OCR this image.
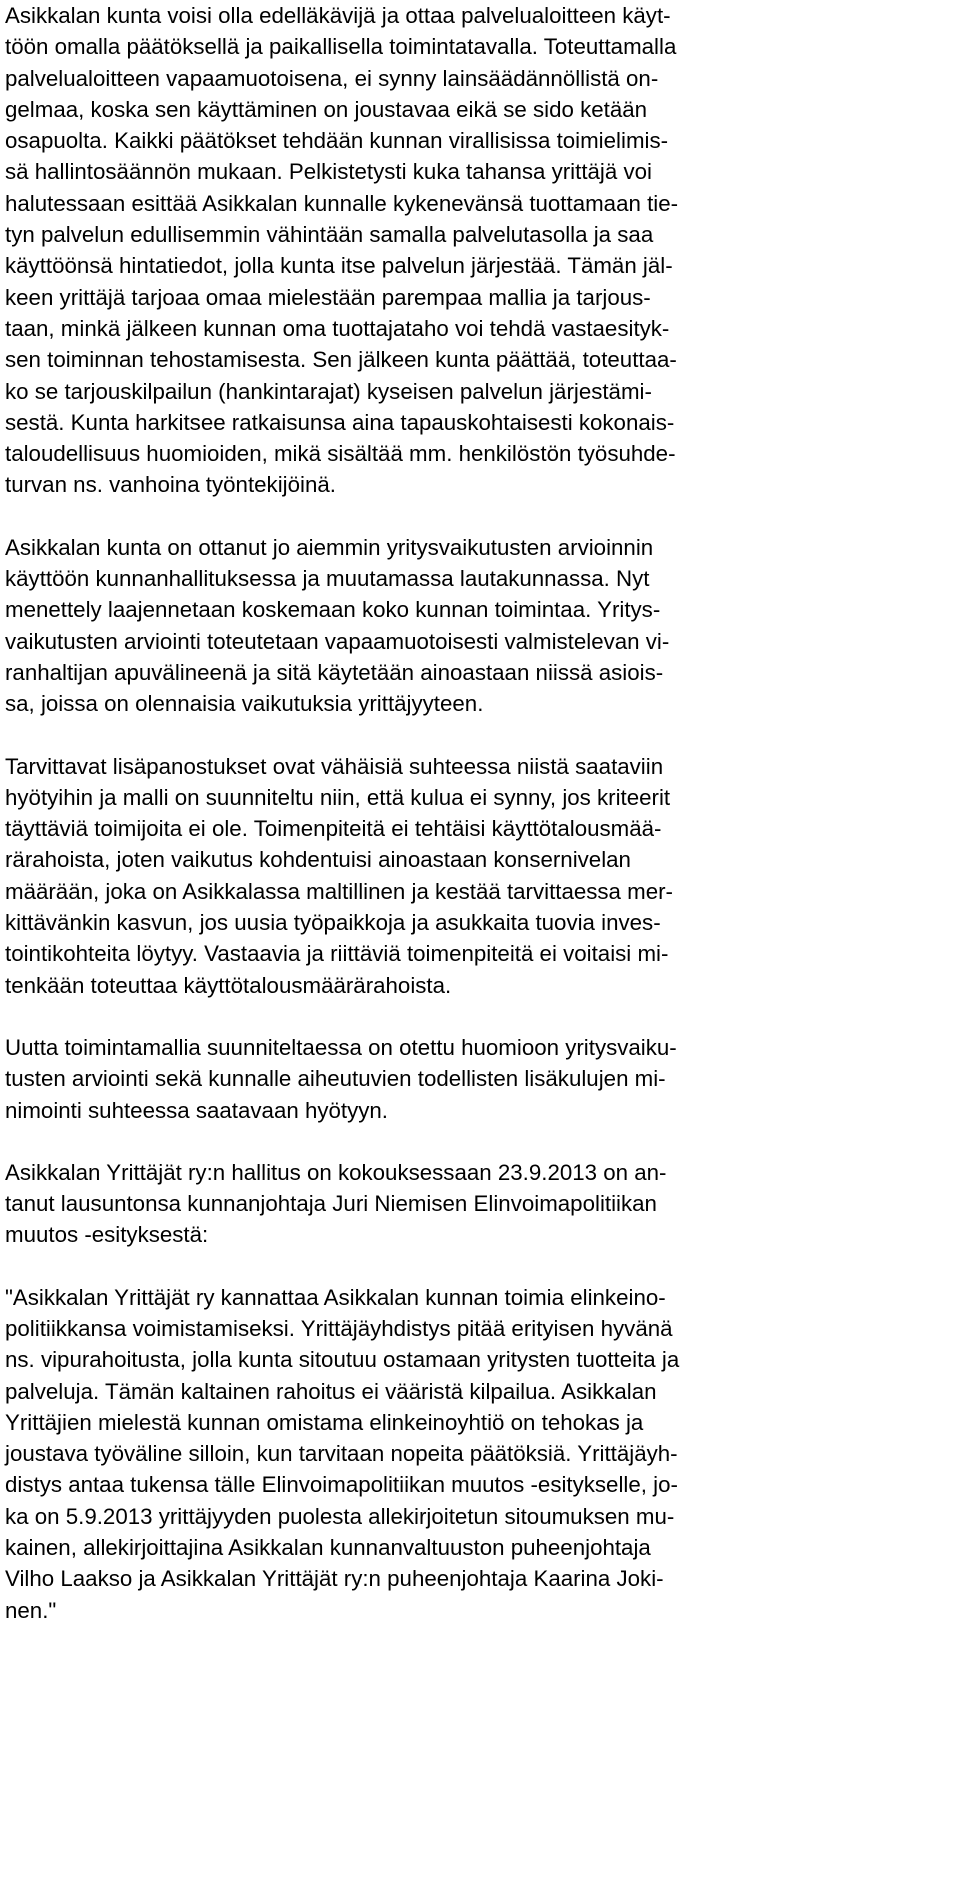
Asikkalan kunta voisi olla edelläkävijä ja ottaa palvelualoitteen käyt-
töön omalla päätöksellä ja paikallisella toimintatavalla. Toteuttamalla
palvelualoitteen vapaamuotoisena, ei synny lainsäädännöllistä on-
gelmaa, koska sen käyttäminen on joustavaa eikä se sido ketään
osapuolta. Kaikki päätökset tehdään kunnan virallisissa toimielimis-
sä hallintosäännön mukaan. Pelkistetysti kuka tahansa yrittäjä voi
halutessaan esittää Asikkalan kunnalle kykenevänsä tuottamaan tie-
tyn palvelun edullisemmin vähintään samalla palvelutasolla ja saa
käyttöönsä hintatiedot, jolla kunta itse palvelun järjestää. Tämän jäl-
keen yrittäjä tarjoaa omaa mielestään parempaa mallia ja tarjous-
taan, minkä jälkeen kunnan oma tuottajataho voi tehdä vastaesityk-
sen toiminnan tehostamisesta. Sen jälkeen kunta päättää, toteuttaa-
ko se tarjouskilpailun (hankintarajat) kyseisen palvelun järjestämi-
sestä. Kunta harkitsee ratkaisunsa aina tapauskohtaisesti kokonais-
taloudellisuus huomioiden, mikä sisältää mm. henkilöstön työsuhde-
turvan ns. vanhoina työntekijöinä.
Asikkalan kunta on ottanut jo aiemmin yritysvaikutusten arvioinnin
käyttöön kunnanhallituksessa ja muutamassa lautakunnassa. Nyt
menettely laajennetaan koskemaan koko kunnan toimintaa. Yritys-
vaikutusten arviointi toteutetaan vapaamuotoisesti valmistelevan vi-
ranhaltijan apuvälineenä ja sitä käytetään ainoastaan niissä asiois-
sa, joissa on olennaisia vaikutuksia yrittäjyyteen.
Tarvittavat lisäpanostukset ovat vähäisiä suhteessa niistä saataviin
hyötyihin ja malli on suunniteltu niin, että kulua ei synny, jos kriteerit
täyttäviä toimijoita ei ole. Toimenpiteitä ei tehtäisi käyttötalousmää-
rärahoista, joten vaikutus kohdentuisi ainoastaan konsernivelan
määrään, joka on Asikkalassa maltillinen ja kestää tarvittaessa mer-
kittävänkin kasvun, jos uusia työpaikkoja ja asukkaita tuovia inves-
tointikohteita löytyy. Vastaavia ja riittäviä toimenpiteitä ei voitaisi mi-
tenkään toteuttaa käyttötalousmäärärahoista.
Uutta toimintamallia suunniteltaessa on otettu huomioon yritysvaiku-
tusten arviointi sekä kunnalle aiheutuvien todellisten lisäkulujen mi-
nimointi suhteessa saatavaan hyötyyn.
Asikkalan Yrittäjät ry:n hallitus on kokouksessaan 23.9.2013 on an-
tanut lausuntonsa kunnanjohtaja Juri Niemisen Elinvoimapolitiikan
muutos -esityksestä:
"Asikkalan Yrittäjät ry kannattaa Asikkalan kunnan toimia elinkeino-
politiikkansa voimistamiseksi. Yrittäjäyhdistys pitää erityisen hyvänä
ns. vipurahoitusta, jolla kunta sitoutuu ostamaan yritysten tuotteita ja
palveluja. Tämän kaltainen rahoitus ei vääristä kilpailua. Asikkalan
Yrittäjien mielestä kunnan omistama elinkeinoyhtiö on tehokas ja
joustava työväline silloin, kun tarvitaan nopeita päätöksiä. Yrittäjäyh-
distys antaa tukensa tälle Elinvoimapolitiikan muutos -esitykselle, jo-
ka on 5.9.2013 yrittäjyyden puolesta allekirjoitetun sitoumuksen mu-
kainen, allekirjoittajina Asikkalan kunnanvaltuuston puheenjohtaja
Vilho Laakso ja Asikkalan Yrittäjät ry:n puheenjohtaja Kaarina Joki-
nen."
